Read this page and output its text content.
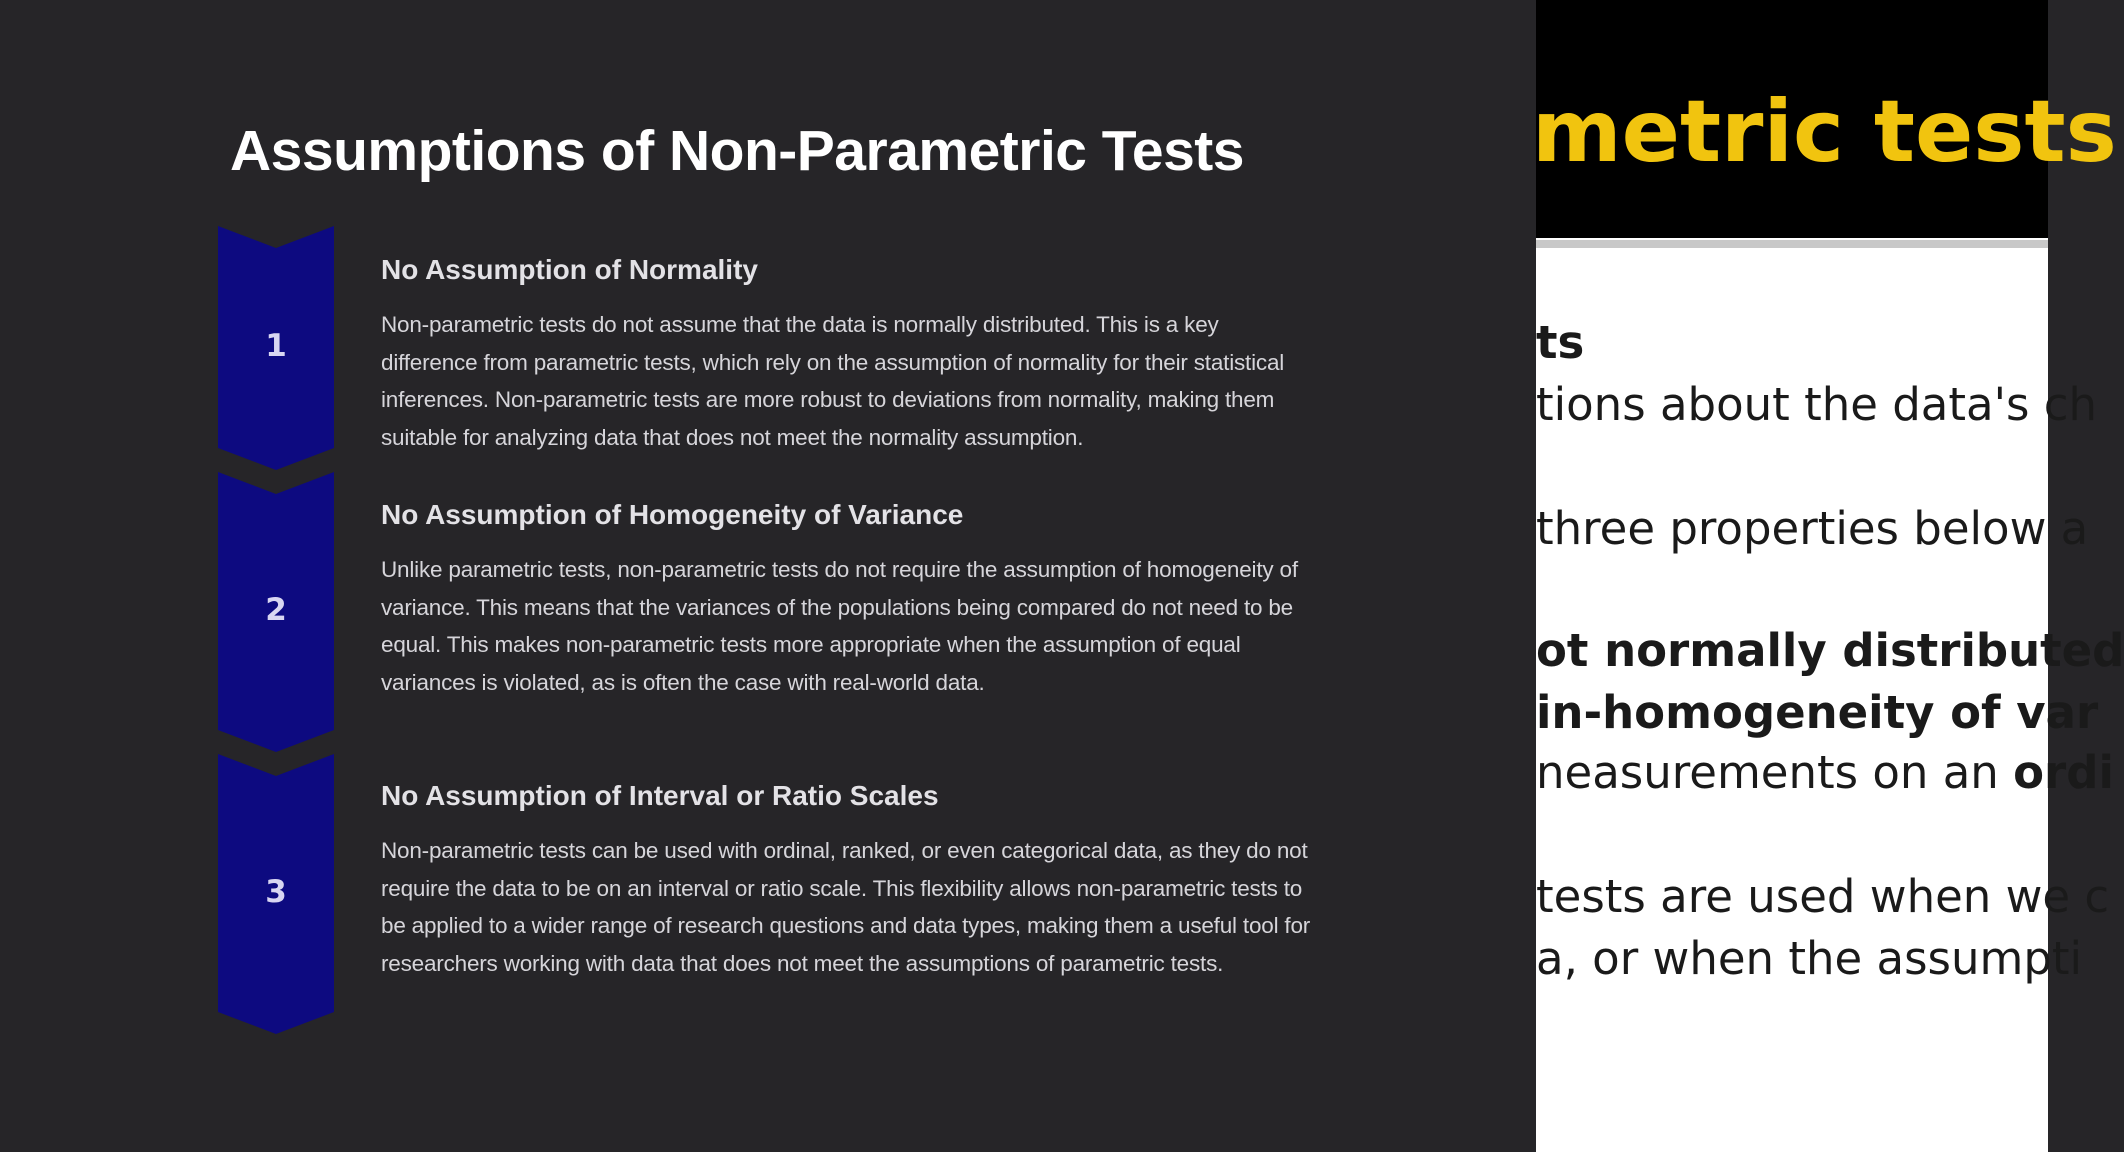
Assumptions of Non-Parametric Tests
1
No Assumption of Normality

Non-parametric tests do not assume that the data is normally distributed. This is a key difference from parametric tests, which rely on the assumption of normality for their statistical inferences. Non-parametric tests are more robust to deviations from normality, making them suitable for analyzing data that does not meet the normality assumption.

2
No Assumption of Homogeneity of Variance

Unlike parametric tests, non-parametric tests do not require the assumption of homogeneity of variance. This means that the variances of the populations being compared do not need to be equal. This makes non-parametric tests more appropriate when the assumption of equal variances is violated, as is often the case with real-world data.

3
No Assumption of Interval or Ratio Scales

Non-parametric tests can be used with ordinal, ranked, or even categorical data, as they do not require the data to be on an interval or ratio scale. This flexibility allows non-parametric tests to be applied to a wider range of research questions and data types, making them a useful tool for researchers working with data that does not meet the assumptions of parametric tests.

metric tests
ts
tions about the data's ch
three properties below a
ot normally distributed
in-homogeneity of var
neasurements on an ordi
tests are used when we c
a, or when the assumpti
